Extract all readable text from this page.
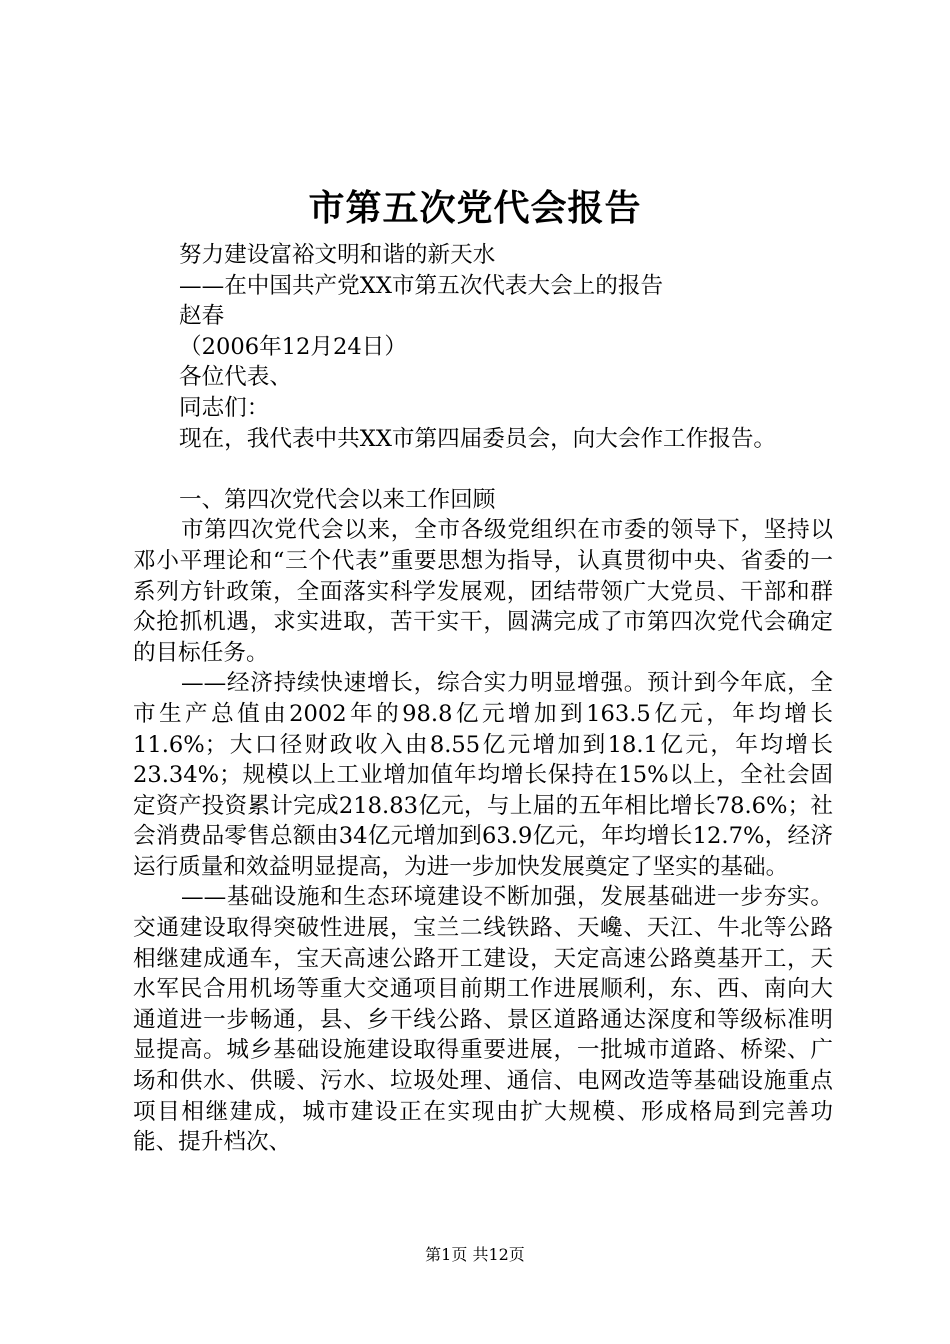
市第五次党代会报告
努力建设富裕文明和谐的新天水
——在中国共产党XX市第五次代表大会上的报告
赵春
（2006年12月24日）
各位代表、
同志们：
现在，我代表中共XX市第四届委员会，向大会作工作报告。
一、第四次党代会以来工作回顾
市第四次党代会以来，全市各级党组织在市委的领导下，坚持以邓小平理论和“三个代表”重要思想为指导，认真贯彻中央、省委的一系列方针政策，全面落实科学发展观，团结带领广大党员、干部和群众抢抓机遇，求实进取，苦干实干，圆满完成了市第四次党代会确定的目标任务。
——经济持续快速增长，综合实力明显增强。预计到今年底，全市生产总值由2002年的98.8亿元增加到163.5亿元，年均增长11.6%；大口径财政收入由8.55亿元增加到18.1亿元，年均增长23.34%；规模以上工业增加值年均增长保持在15%以上，全社会固定资产投资累计完成218.83亿元，与上届的五年相比增长78.6%；社会消费品零售总额由34亿元增加到63.9亿元，年均增长12.7%，经济运行质量和效益明显提高，为进一步加快发展奠定了坚实的基础。
——基础设施和生态环境建设不断加强，发展基础进一步夯实。交通建设取得突破性进展，宝兰二线铁路、天巉、天江、牛北等公路相继建成通车，宝天高速公路开工建设，天定高速公路奠基开工，天水军民合用机场等重大交通项目前期工作进展顺利，东、西、南向大通道进一步畅通，县、乡干线公路、景区道路通达深度和等级标准明显提高。城乡基础设施建设取得重要进展，一批城市道路、桥梁、广场和供水、供暖、污水、垃圾处理、通信、电网改造等基础设施重点项目相继建成，城市建设正在实现由扩大规模、形成格局到完善功能、提升档次、
第1页 共12页
